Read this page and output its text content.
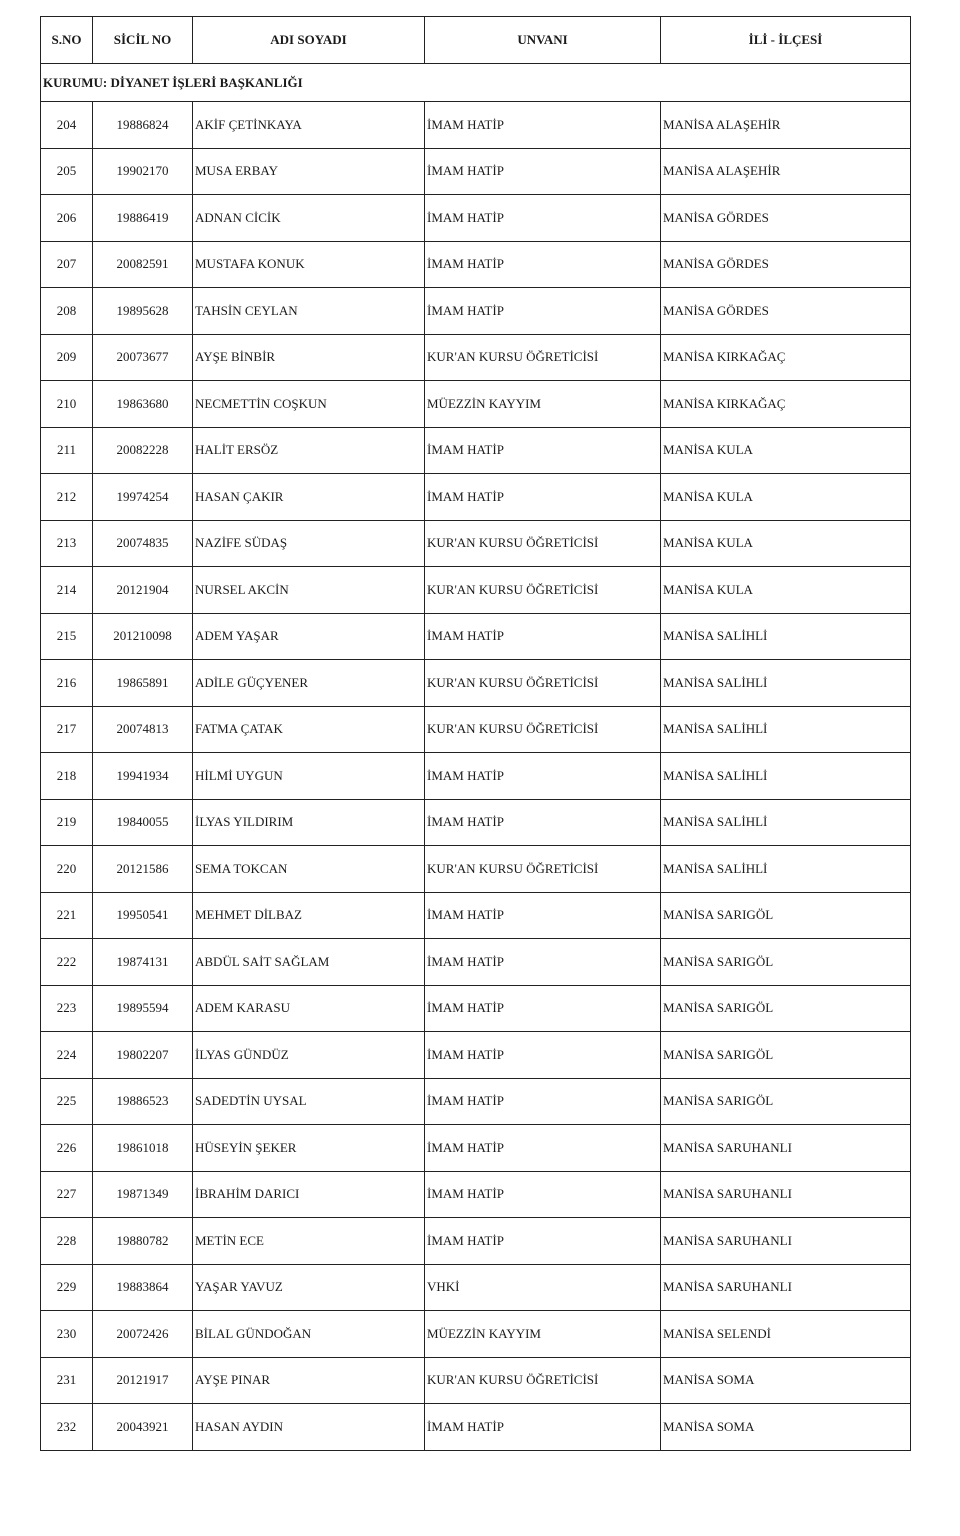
KURUMU: DİYANET İŞLERİ BAŞKANLIĞI				
S.NO	SİCİL NO	ADI SOYADI	UNVANI	İLİ - İLÇESİ
204	19886824	AKİF ÇETİNKAYA	İMAM HATİP	MANİSA ALAŞEHİR
205	19902170	MUSA ERBAY	İMAM HATİP	MANİSA ALAŞEHİR
206	19886419	ADNAN CİCİK	İMAM HATİP	MANİSA GÖRDES
207	20082591	MUSTAFA KONUK	İMAM HATİP	MANİSA GÖRDES
208	19895628	TAHSİN CEYLAN	İMAM HATİP	MANİSA GÖRDES
209	20073677	AYŞE BİNBİR	KUR'AN KURSU ÖĞRETİCİSİ	MANİSA KIRKAĞAÇ
210	19863680	NECMETTİN COŞKUN	MÜEZZİN KAYYIM	MANİSA KIRKAĞAÇ
211	20082228	HALİT ERSÖZ	İMAM HATİP	MANİSA KULA
212	19974254	HASAN ÇAKIR	İMAM HATİP	MANİSA KULA
213	20074835	NAZİFE SÜDAŞ	KUR'AN KURSU ÖĞRETİCİSİ	MANİSA KULA
214	20121904	NURSEL AKCİN	KUR'AN KURSU ÖĞRETİCİSİ	MANİSA KULA
215	201210098	ADEM YAŞAR	İMAM HATİP	MANİSA SALİHLİ
216	19865891	ADİLE GÜÇYENER	KUR'AN KURSU ÖĞRETİCİSİ	MANİSA SALİHLİ
217	20074813	FATMA ÇATAK	KUR'AN KURSU ÖĞRETİCİSİ	MANİSA SALİHLİ
218	19941934	HİLMİ UYGUN	İMAM HATİP	MANİSA SALİHLİ
219	19840055	İLYAS YILDIRIM	İMAM HATİP	MANİSA SALİHLİ
220	20121586	SEMA TOKCAN	KUR'AN KURSU ÖĞRETİCİSİ	MANİSA SALİHLİ
221	19950541	MEHMET DİLBAZ	İMAM HATİP	MANİSA SARIGÖL
222	19874131	ABDÜL SAİT SAĞLAM	İMAM HATİP	MANİSA SARIGÖL
223	19895594	ADEM KARASU	İMAM HATİP	MANİSA SARIGÖL
224	19802207	İLYAS GÜNDÜZ	İMAM HATİP	MANİSA SARIGÖL
225	19886523	SADEDTİN UYSAL	İMAM HATİP	MANİSA SARIGÖL
226	19861018	HÜSEYİN ŞEKER	İMAM HATİP	MANİSA SARUHANLI
227	19871349	İBRAHİM DARICI	İMAM HATİP	MANİSA SARUHANLI
228	19880782	METİN ECE	İMAM HATİP	MANİSA SARUHANLI
229	19883864	YAŞAR YAVUZ	VHKİ	MANİSA SARUHANLI
230	20072426	BİLAL GÜNDOĞAN	MÜEZZİN KAYYIM	MANİSA SELENDİ
231	20121917	AYŞE PINAR	KUR'AN KURSU ÖĞRETİCİSİ	MANİSA SOMA
232	20043921	HASAN AYDIN	İMAM HATİP	MANİSA SOMA
